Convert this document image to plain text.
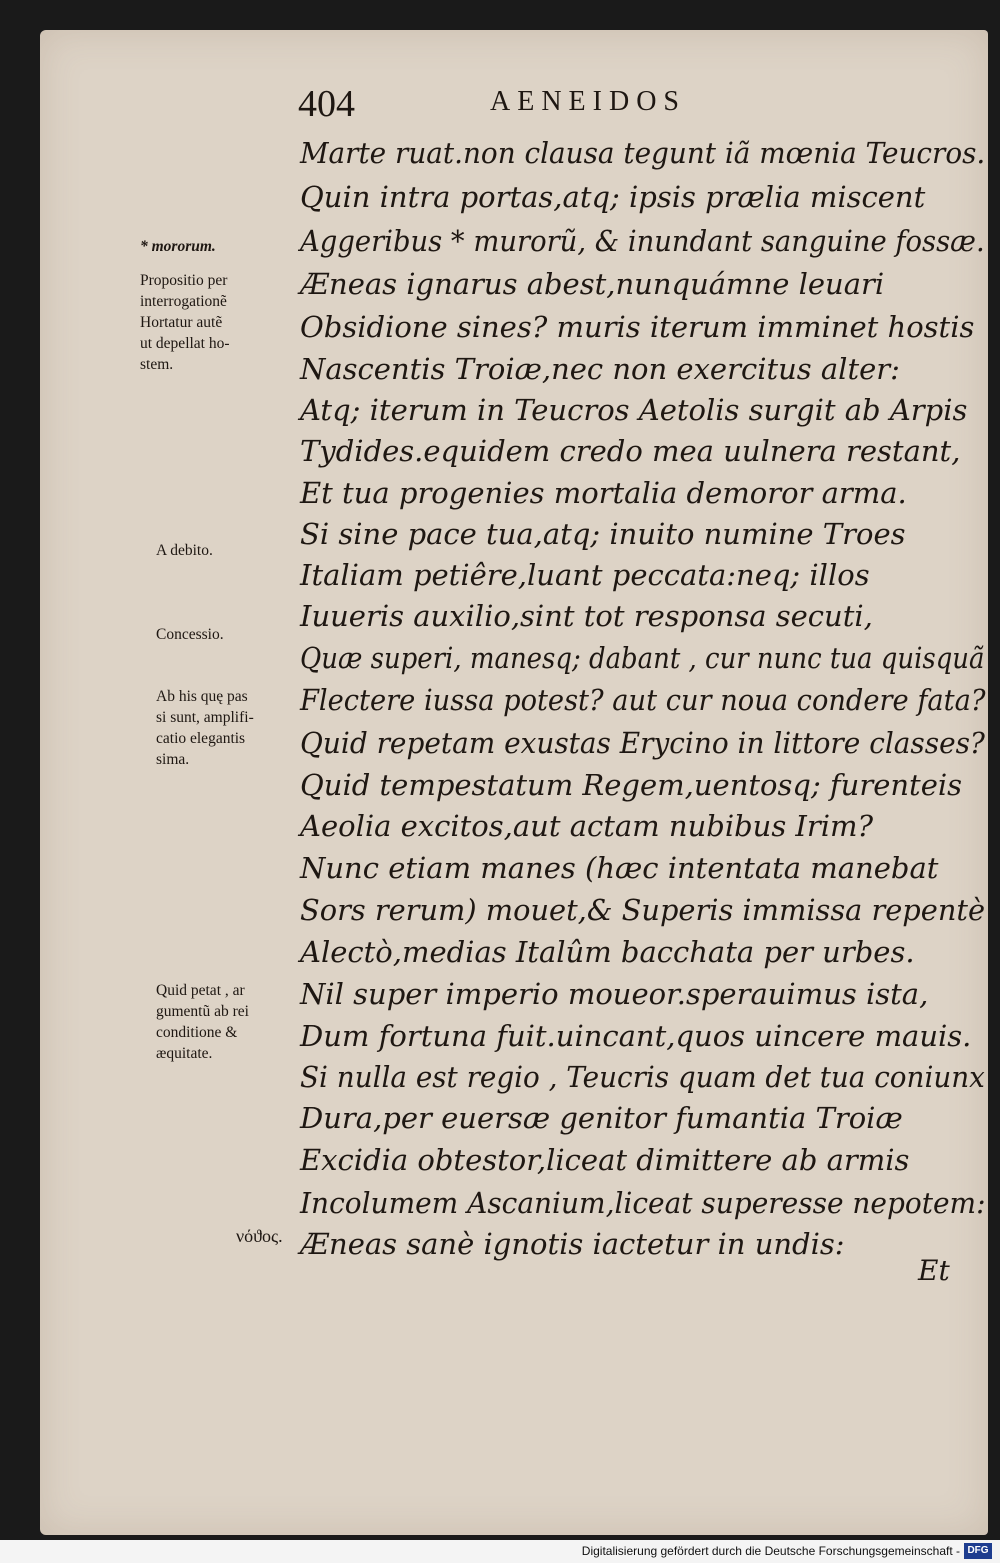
404	AENEIDOS
Marte ruat.non clausa tegunt iã mœnia Teucros.
Quin intra portas,atq; ipsis prælia miscent
Aggeribus * murorũ, & inundant sanguine fossæ.
Æneas ignarus abest,nunquámne leuari
Obsidione sines? muris iterum imminet hostis
Nascentis Troiæ,nec non exercitus alter:
Atq; iterum in Teucros Aetolis surgit ab Arpis
Tydides.equidem credo mea uulnera restant,
Et tua progenies mortalia demoror arma.
Si sine pace tua,atq; inuito numine Troes
Italiam petiêre,luant peccata:neq; illos
Iuueris auxilio,sint tot responsa secuti,
Quæ superi, manesq; dabant , cur nunc tua quisquã
Flectere iussa potest? aut cur noua condere fata?
Quid repetam exustas Erycino in littore classes?
Quid tempestatum Regem,uentosq; furenteis
Aeolia excitos,aut actam nubibus Irim?
Nunc etiam manes (hæc intentata manebat
Sors rerum) mouet,& Superis immissa repentè
Alectò,medias Italûm bacchata per urbes.
Nil super imperio moueor.sperauimus ista,
Dum fortuna fuit.uincant,quos uincere mauis.
Si nulla est regio , Teucris quam det tua coniunx
Dura,per euersæ genitor fumantia Troiæ
Excidia obtestor,liceat dimittere ab armis
Incolumem Ascanium,liceat superesse nepotem:
Æneas sanè ignotis iactetur in undis:
* mororum.
Propositio per
interrogationẽ
Hortatur autẽ
ut depellat ho-
stem.
A debito.
Concessio.
Ab his quę pas
si sunt, amplifi-
catio elegantis
sima.
Quid petat , ar
gumentũ ab rei
conditione &
æquitate.
νόϑος.
Et
Digitalisierung gefördert durch die Deutsche Forschungsgemeinschaft - DFG
